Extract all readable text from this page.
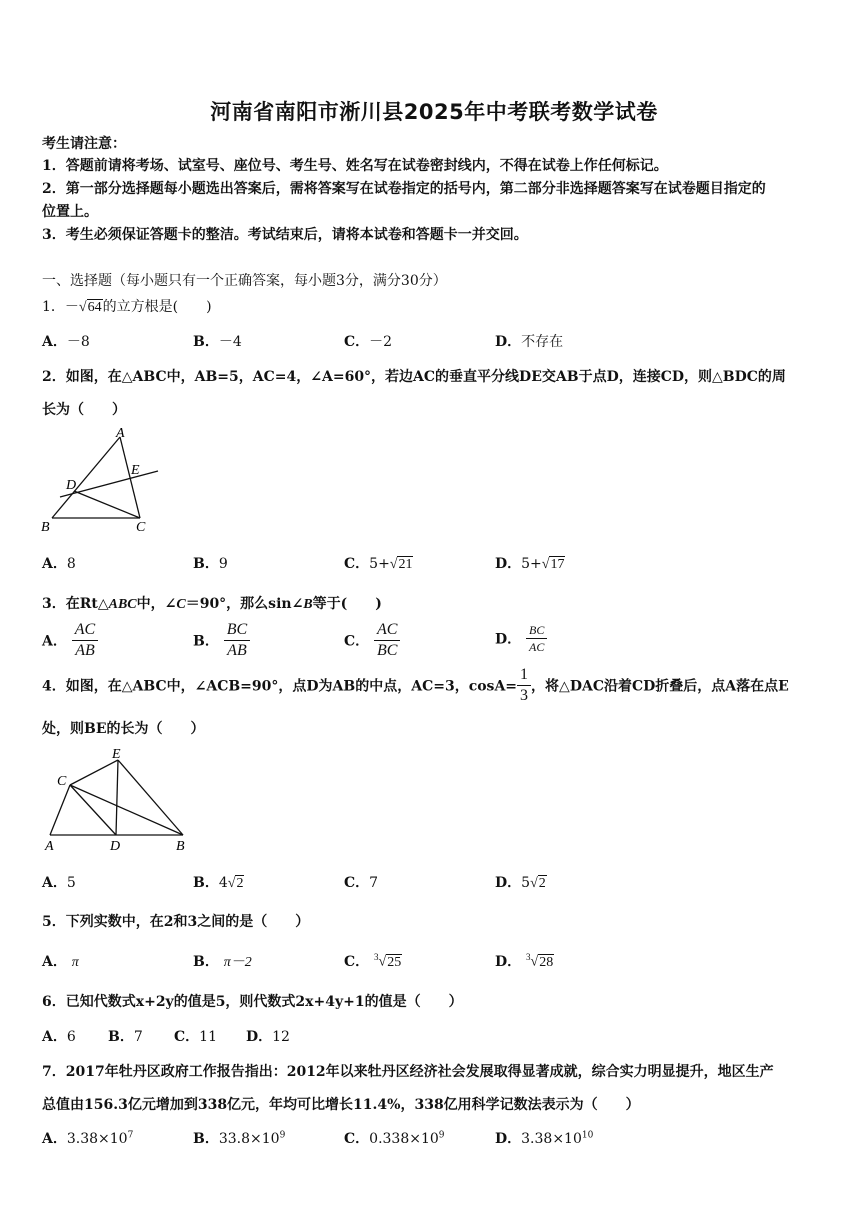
河南省南阳市淅川县2025年中考联考数学试卷
考生请注意：
1．答题前请将考场、试室号、座位号、考生号、姓名写在试卷密封线内，不得在试卷上作任何标记。
2．第一部分选择题每小题选出答案后，需将答案写在试卷指定的括号内，第二部分非选择题答案写在试卷题目指定的
位置上。
3．考生必须保证答题卡的整洁。考试结束后，请将本试卷和答题卡一并交回。
一、选择题（每小题只有一个正确答案，每小题3分，满分30分）
1．－√64的立方根是(　　)
A．－8	B．－4	C．－2	D．不存在
2．如图，在△ABC中，AB=5，AC=4，∠A=60°，若边AC的垂直平分线DE交AB于点D，连接CD，则△BDC的周
长为（　　）
A
E
D
B	C
A．8	B．9	C．5+√21	D．5+√17
3．在Rt△ABC中，∠C＝90°，那么sin∠B等于(　　)
A． $\frac{AC}{AB}$	B． $\frac{BC}{AB}$	C． $\frac{AC}{BC}$	D． $\frac{BC}{AC}$
4．如图，在△ABC中，∠ACB=90°，点D为AB的中点，AC=3，$\cos A= \frac{1}{3}$ ，将△DAC沿着CD折叠后，点A落在点E
处，则BE的长为（　　）
E
C
A	D	B
A．5	B．4√2	C．7	D．5√2
5．下列实数中，在2和3之间的是（　　）
A． π	B． π－2	C． $^3$√25	D． $^3$√28
6．已知代数式x+2y的值是5，则代数式2x+4y+1的值是（　　）
A．6 B．7 C．11 D．12
7．2017年牡丹区政府工作报告指出：2012年以来牡丹区经济社会发展取得显著成就，综合实力明显提升，地区生产
总值由156.3亿元增加到338亿元，年均可比增长11.4%，338亿用科学记数法表示为（　　）
A．$3.38\times 10^7$	B．$33.8\times 10^9$	C．$0.338\times 10^9$	D．$3.38\times 10^{10}$
